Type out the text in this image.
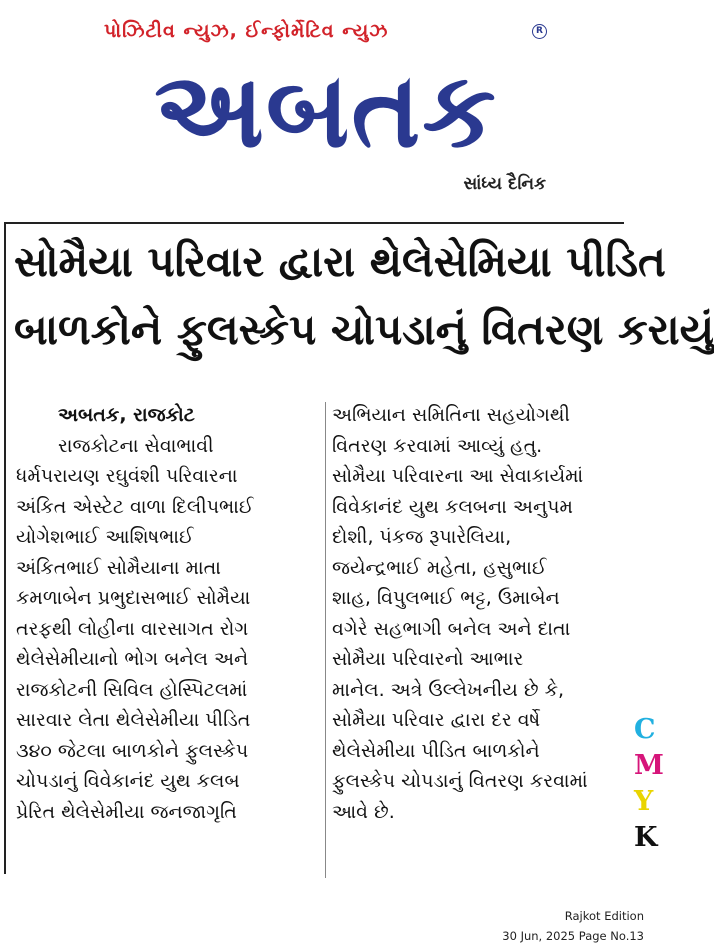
પોઝિટીવ ન્યુઝ, ઈન્ફોર્મેટિવ ન્યુઝ	R
અબતક
સાંધ્ય દૈનિક
સોમૈયા પરિવાર દ્વારા થેલેસેમિયા પીડિત
બાળકોને ફુલસ્કેપ ચોપડાનું વિતરણ કરાયું
અબતક, રાજકોટ
રાજકોટના સેવાભાવી
ધર્મપરાયણ રઘુવંશી પરિવારના
અંકિત એસ્ટેટ વાળા દિલીપભાઈ
યોગેશભાઈ આશિષભાઈ
અંકિતભાઈ સોમૈયાના માતા
કમળાબેન પ્રભુદાસભાઈ સોમૈયા
તરફથી લોહીના વારસાગત રોગ
થેલેસેમીયાનો ભોગ બનેલ અને
રાજકોટની સિવિલ હોસ્પિટલમાં
સારવાર લેતા થેલેસેમીયા પીડિત
૩૪૦ જેટલા બાળકોને ફુલસ્કેપ
ચોપડાનું વિવેકાનંદ યુથ કલબ
પ્રેરિત થેલેસેમીયા જનજાગૃતિ
અભિયાન સમિતિના સહયોગથી
વિતરણ કરવામાં આવ્યું હતુ.
સોમૈયા પરિવારના આ સેવાકાર્યમાં
વિવેકાનંદ યુથ કલબના અનુપમ
દોશી, પંકજ રૂપારેલિયા,
જયેન્દ્રભાઈ મહેતા, હસુભાઈ
શાહ, વિપુલભાઈ ભટ્ટ, ઉમાબેન
વગેરે સહભાગી બનેલ અને દાતા
સોમૈયા પરિવારનો આભાર
માનેલ. અત્રે ઉલ્લેખનીય છે કે,
સોમૈયા પરિવાર દ્વારા દર વર્ષે
થેલેસેમીયા પીડિત બાળકોને
ફુલસ્કેપ ચોપડાનું વિતરણ કરવામાં
આવે છે.
C
M
Y
K
Rajkot Edition
30 Jun, 2025 Page No.13
